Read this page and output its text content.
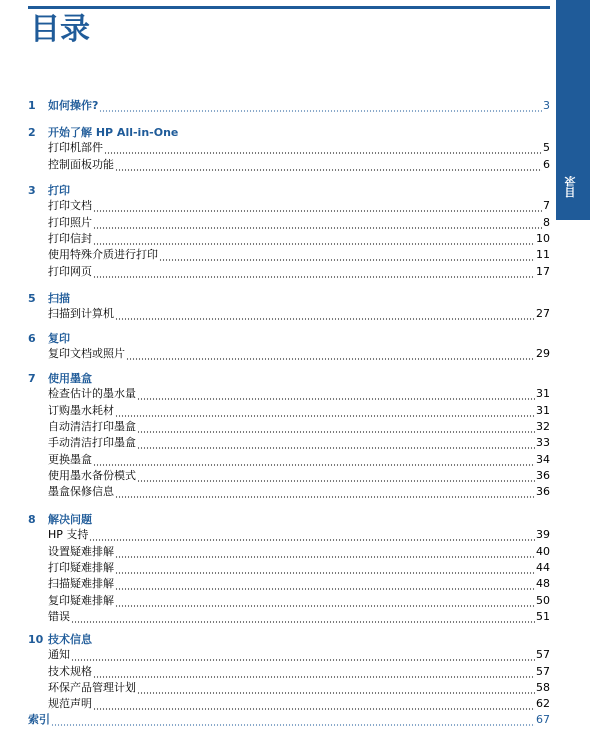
目录
目录
1 如何操作?	3
2 开始了解 HP All-in-One
打印机部件	5
控制面板功能	6
3 打印
打印文档	7
打印照片	8
打印信封	10
使用特殊介质进行打印	11
打印网页	17
5 扫描
扫描到计算机	27
6 复印
复印文档或照片	29
7 使用墨盒
检查估计的墨水量	31
订购墨水耗材	31
自动清洁打印墨盒	32
手动清洁打印墨盒	33
更换墨盒	34
使用墨水备份模式	36
墨盒保修信息	36
8 解决问题
HP 支持	39
设置疑难排解	40
打印疑难排解	44
扫描疑难排解	48
复印疑难排解	50
错误	51
10 技术信息
通知	57
技术规格	57
环保产品管理计划	58
规范声明	62
索引	67
